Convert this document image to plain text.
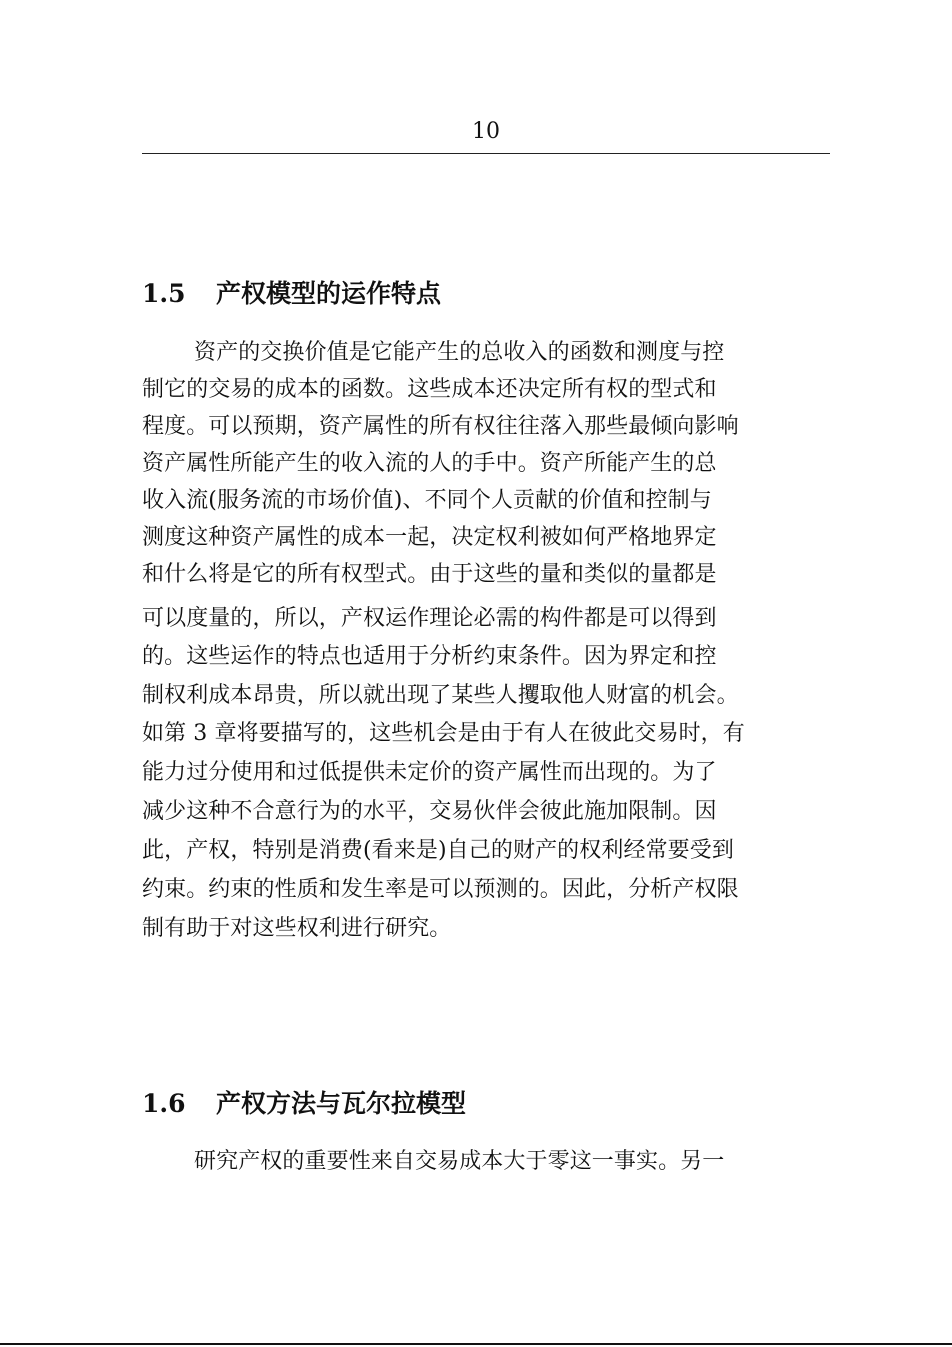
10
1.5 产权模型的运作特点
资产的交换价值是它能产生的总收入的函数和测度与控
制它的交易的成本的函数。这些成本还决定所有权的型式和
程度。可以预期，资产属性的所有权往往落入那些最倾向影响
资产属性所能产生的收入流的人的手中。资产所能产生的总
收入流(服务流的市场价值)、不同个人贡献的价值和控制与
测度这种资产属性的成本一起，决定权利被如何严格地界定
和什么将是它的所有权型式。由于这些的量和类似的量都是
可以度量的，所以，产权运作理论必需的构件都是可以得到
的。这些运作的特点也适用于分析约束条件。因为界定和控
制权利成本昂贵，所以就出现了某些人攫取他人财富的机会。
如第 3 章将要描写的，这些机会是由于有人在彼此交易时，有
能力过分使用和过低提供未定价的资产属性而出现的。为了
减少这种不合意行为的水平，交易伙伴会彼此施加限制。因
此，产权，特别是消费(看来是)自己的财产的权利经常要受到
约束。约束的性质和发生率是可以预测的。因此，分析产权限
制有助于对这些权利进行研究。
1.6 产权方法与瓦尔拉模型
研究产权的重要性来自交易成本大于零这一事实。另一
